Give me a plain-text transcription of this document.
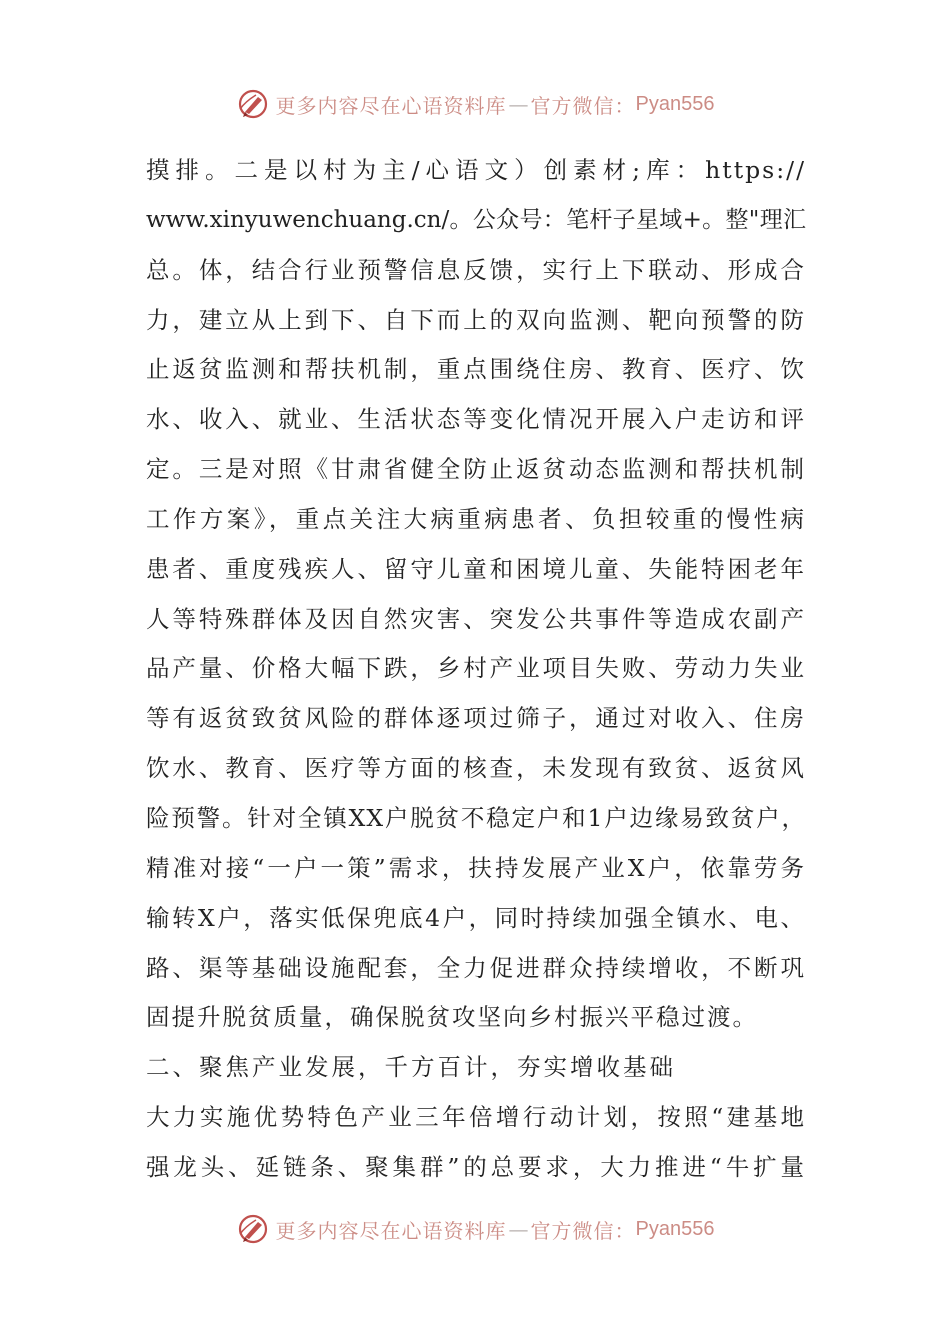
更多内容尽在心语资料库 — 官方微信： Pyan556
摸排。二是以村为主/心语文）创素材;库：https://
www.xinyuwenchuang.cn/。公众号：笔杆子星域+。整"理汇
总。体，结合行业预警信息反馈，实行上下联动、形成合
力，建立从上到下、自下而上的双向监测、靶向预警的防
止返贫监测和帮扶机制，重点围绕住房、教育、医疗、饮
水、收入、就业、生活状态等变化情况开展入户走访和评
定。三是对照《甘肃省健全防止返贫动态监测和帮扶机制
工作方案》，重点关注大病重病患者、负担较重的慢性病
患者、重度残疾人、留守儿童和困境儿童、失能特困老年
人等特殊群体及因自然灾害、突发公共事件等造成农副产
品产量、价格大幅下跌，乡村产业项目失败、劳动力失业
等有返贫致贫风险的群体逐项过筛子，通过对收入、住房
饮水、教育、医疗等方面的核查，未发现有致贫、返贫风
险预警。针对全镇XX户脱贫不稳定户和1户边缘易致贫户，
精准对接“一户一策”需求，扶持发展产业X户，依靠劳务
输转X户，落实低保兜底4户，同时持续加强全镇水、电、
路、渠等基础设施配套，全力促进群众持续增收，不断巩
固提升脱贫质量，确保脱贫攻坚向乡村振兴平稳过渡。
二、聚焦产业发展，千方百计，夯实增收基础
大力实施优势特色产业三年倍增行动计划，按照“建基地
强龙头、延链条、聚集群”的总要求，大力推进“牛扩量
更多内容尽在心语资料库 — 官方微信： Pyan556
